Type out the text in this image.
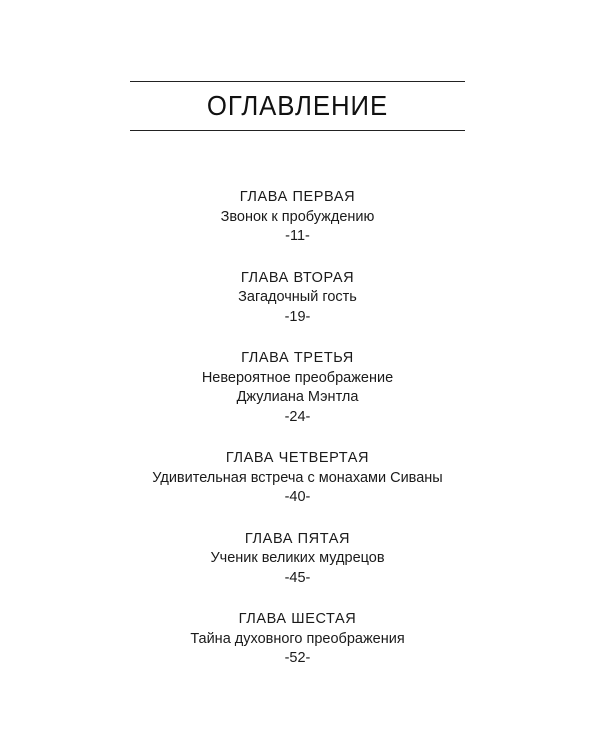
ОГЛАВЛЕНИЕ
ГЛАВА ПЕРВАЯ
Звонок к пробуждению
-11-
ГЛАВА ВТОРАЯ
Загадочный гость
-19-
ГЛАВА ТРЕТЬЯ
Невероятное преображение
Джулиана Мэнтла
-24-
ГЛАВА ЧЕТВЕРТАЯ
Удивительная встреча с монахами Сиваны
-40-
ГЛАВА ПЯТАЯ
Ученик великих мудрецов
-45-
ГЛАВА ШЕСТАЯ
Тайна духовного преображения
-52-
